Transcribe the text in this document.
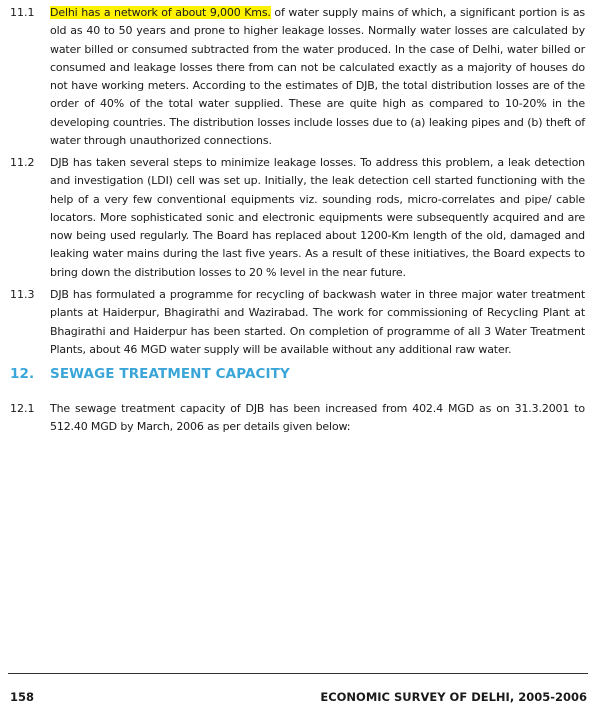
11.1 Delhi has a network of about 9,000 Kms. of water supply mains of which, a significant portion is as old as 40 to 50 years and prone to higher leakage losses. Normally water losses are calculated by water billed or consumed subtracted from the water produced. In the case of Delhi, water billed or consumed and leakage losses there from can not be calculated exactly as a majority of houses do not have working meters. According to the estimates of DJB, the total distribution losses are of the order of 40% of the total water supplied. These are quite high as compared to 10-20% in the developing countries. The distribution losses include losses due to (a) leaking pipes and (b) theft of water through unauthorized connections.
11.2 DJB has taken several steps to minimize leakage losses. To address this problem, a leak detection and investigation (LDI) cell was set up. Initially, the leak detection cell started functioning with the help of a very few conventional equipments viz. sounding rods, micro-correlates and pipe/ cable locators. More sophisticated sonic and electronic equipments were subsequently acquired and are now being used regularly. The Board has replaced about 1200-Km length of the old, damaged and leaking water mains during the last five years. As a result of these initiatives, the Board expects to bring down the distribution losses to 20 % level in the near future.
11.3 DJB has formulated a programme for recycling of backwash water in three major water treatment plants at Haiderpur, Bhagirathi and Wazirabad. The work for commissioning of Recycling Plant at Bhagirathi and Haiderpur has been started. On completion of programme of all 3 Water Treatment Plants, about 46 MGD water supply will be available without any additional raw water.
12. SEWAGE TREATMENT CAPACITY
12.1 The sewage treatment capacity of DJB has been increased from 402.4 MGD as on 31.3.2001 to 512.40 MGD by March, 2006 as per details given below:
158	ECONOMIC SURVEY OF DELHI, 2005-2006
